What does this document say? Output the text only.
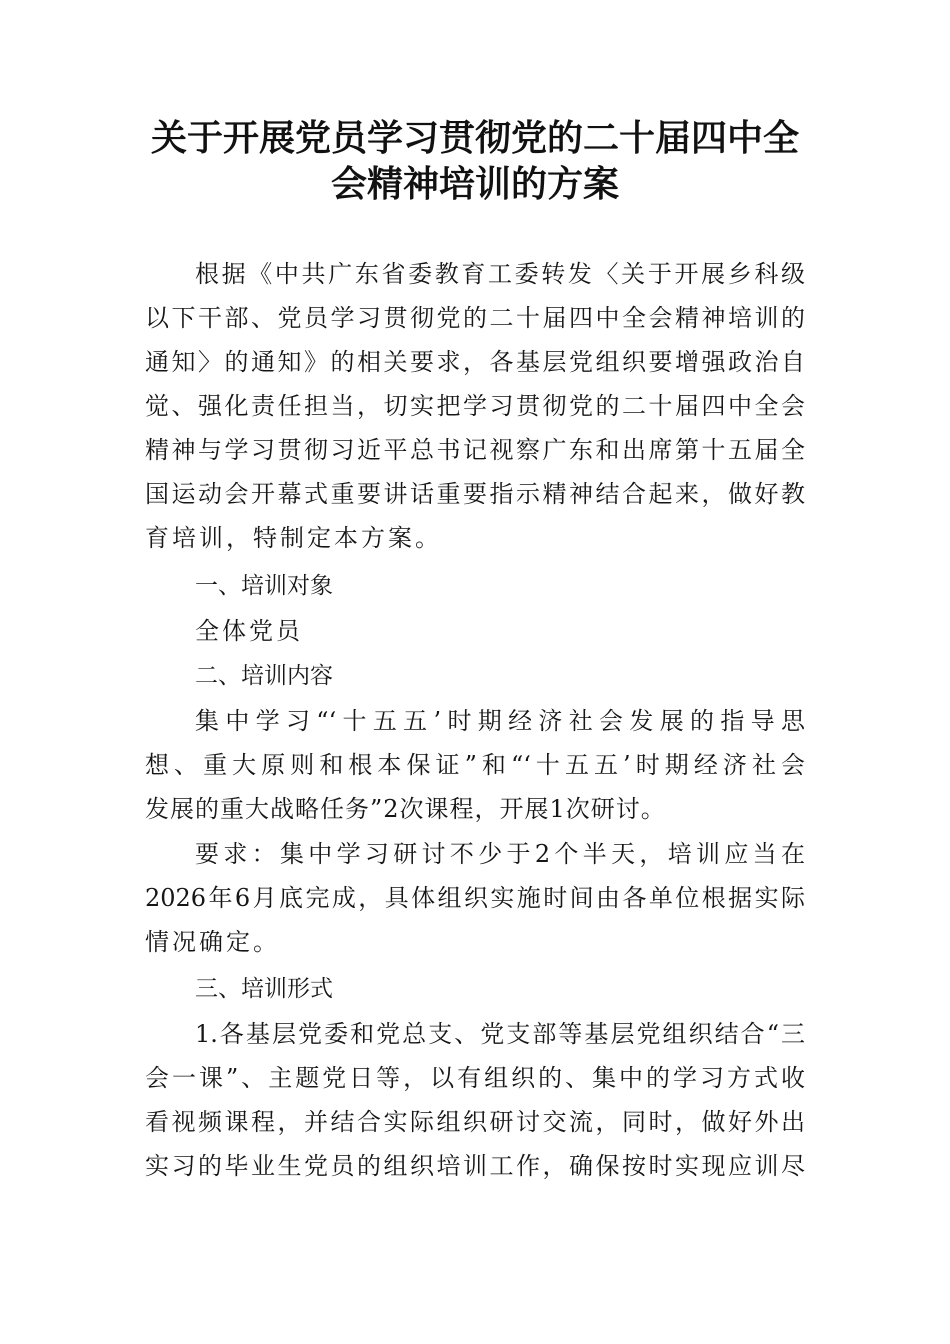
关于开展党员学习贯彻党的二十届四中全
会精神培训的方案
根据《中共广东省委教育工委转发〈关于开展乡科级
以下干部、党员学习贯彻党的二十届四中全会精神培训的
通知〉的通知》的相关要求，各基层党组织要增强政治自
觉、强化责任担当，切实把学习贯彻党的二十届四中全会
精神与学习贯彻习近平总书记视察广东和出席第十五届全
国运动会开幕式重要讲话重要指示精神结合起来，做好教
育培训，特制定本方案。
一、培训对象
全体党员
二、培训内容
集中学习“‘十五五’时期经济社会发展的指导思
想、重大原则和根本保证”和“‘十五五’时期经济社会
发展的重大战略任务”2次课程，开展1次研讨。
要求：集中学习研讨不少于2个半天，培训应当在
2026年6月底完成，具体组织实施时间由各单位根据实际
情况确定。
三、培训形式
1.各基层党委和党总支、党支部等基层党组织结合“三
会一课”、主题党日等，以有组织的、集中的学习方式收
看视频课程，并结合实际组织研讨交流，同时，做好外出
实习的毕业生党员的组织培训工作，确保按时实现应训尽
